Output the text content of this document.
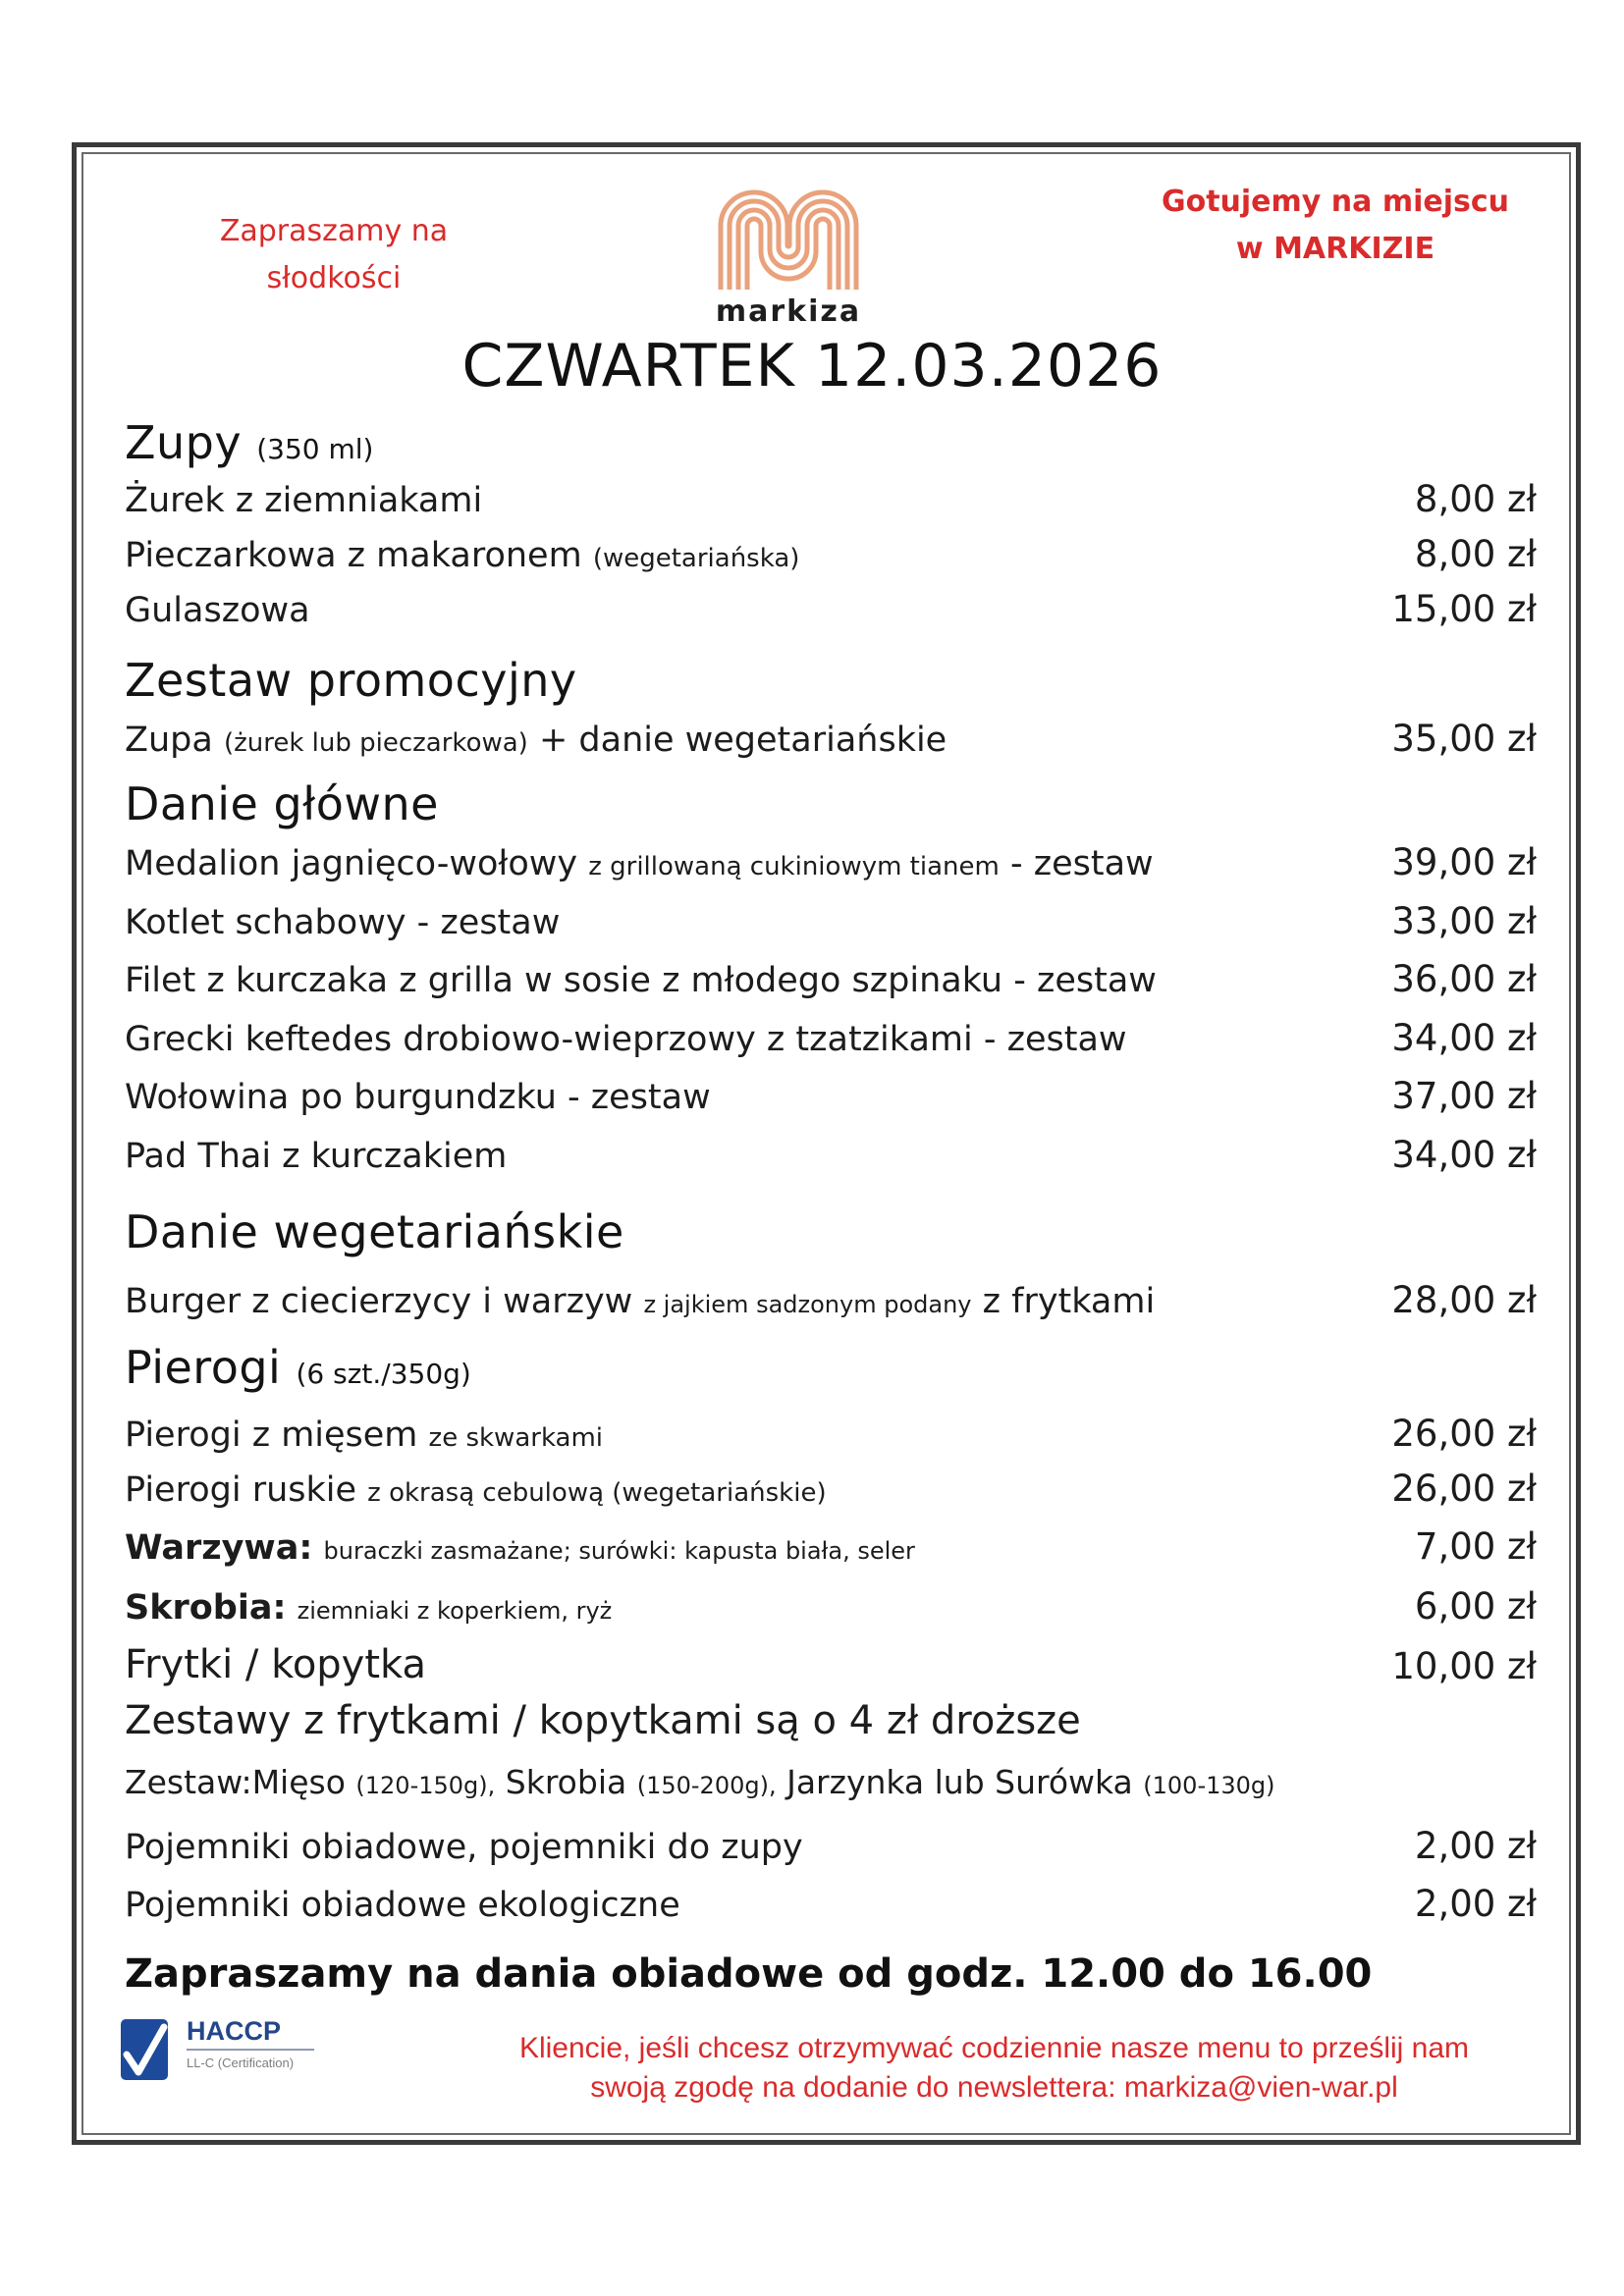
Zapraszamy na
słodkości
markiza
Gotujemy na miejscu
w MARKIZIE
CZWARTEK 12.03.2026
Zupy (350 ml)
Żurek z ziemniakami	8,00 zł
Pieczarkowa z makaronem (wegetariańska)	8,00 zł
Gulaszowa	15,00 zł
Zestaw promocyjny
Zupa (żurek lub pieczarkowa) + danie wegetariańskie	35,00 zł
Danie główne
Medalion jagnięco-wołowy z grillowaną cukiniowym tianem - zestaw	39,00 zł
Kotlet schabowy - zestaw	33,00 zł
Filet z kurczaka z grilla w sosie z młodego szpinaku - zestaw	36,00 zł
Grecki keftedes drobiowo-wieprzowy z tzatzikami - zestaw	34,00 zł
Wołowina po burgundzku - zestaw	37,00 zł
Pad Thai z kurczakiem	34,00 zł
Danie wegetariańskie
Burger z ciecierzycy i warzyw z jajkiem sadzonym podany z frytkami	28,00 zł
Pierogi (6 szt./350g)
Pierogi z mięsem ze skwarkami	26,00 zł
Pierogi ruskie z okrasą cebulową (wegetariańskie)	26,00 zł
Warzywa: buraczki zasmażane; surówki: kapusta biała, seler	7,00 zł
Skrobia: ziemniaki z koperkiem, ryż	6,00 zł
Frytki / kopytka	10,00 zł
Zestawy z frytkami / kopytkami są o 4 zł droższe
Zestaw:Mięso (120-150g), Skrobia (150-200g), Jarzynka lub Surówka (100-130g)
Pojemniki obiadowe, pojemniki do zupy	2,00 zł
Pojemniki obiadowe ekologiczne	2,00 zł
Zapraszamy na dania obiadowe od godz. 12.00 do 16.00
HACCP
LL-C (Certification)	Kliencie, jeśli chcesz otrzymywać codziennie nasze menu to prześlij nam
swoją zgodę na dodanie do newslettera: markiza@vien-war.pl
